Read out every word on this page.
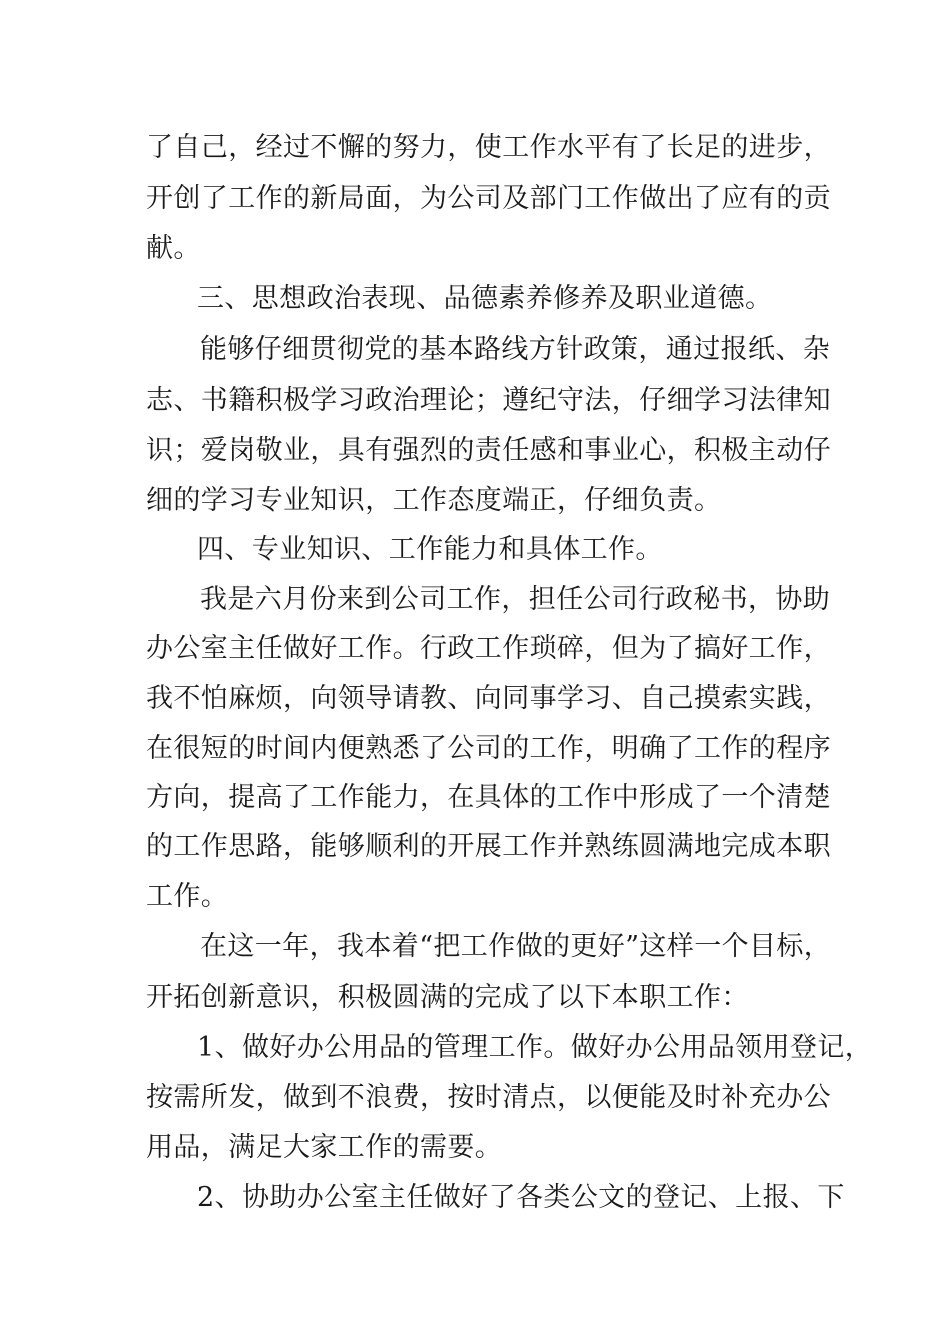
了自己，经过不懈的努力，使工作水平有了长足的进步，
开创了工作的新局面，为公司及部门工作做出了应有的贡
献。
三、思想政治表现、品德素养修养及职业道德。
能够仔细贯彻党的基本路线方针政策，通过报纸、杂
志、书籍积极学习政治理论；遵纪守法，仔细学习法律知
识；爱岗敬业，具有强烈的责任感和事业心，积极主动仔
细的学习专业知识，工作态度端正，仔细负责。
四、专业知识、工作能力和具体工作。
我是六月份来到公司工作，担任公司行政秘书，协助
办公室主任做好工作。行政工作琐碎，但为了搞好工作，
我不怕麻烦，向领导请教、向同事学习、自己摸索实践，
在很短的时间内便熟悉了公司的工作，明确了工作的程序
方向，提高了工作能力，在具体的工作中形成了一个清楚
的工作思路，能够顺利的开展工作并熟练圆满地完成本职
工作。
在这一年，我本着“把工作做的更好”这样一个目标，
开拓创新意识，积极圆满的完成了以下本职工作：
1、做好办公用品的管理工作。做好办公用品领用登记，
按需所发，做到不浪费，按时清点，以便能及时补充办公
用品，满足大家工作的需要。
2、协助办公室主任做好了各类公文的登记、上报、下
